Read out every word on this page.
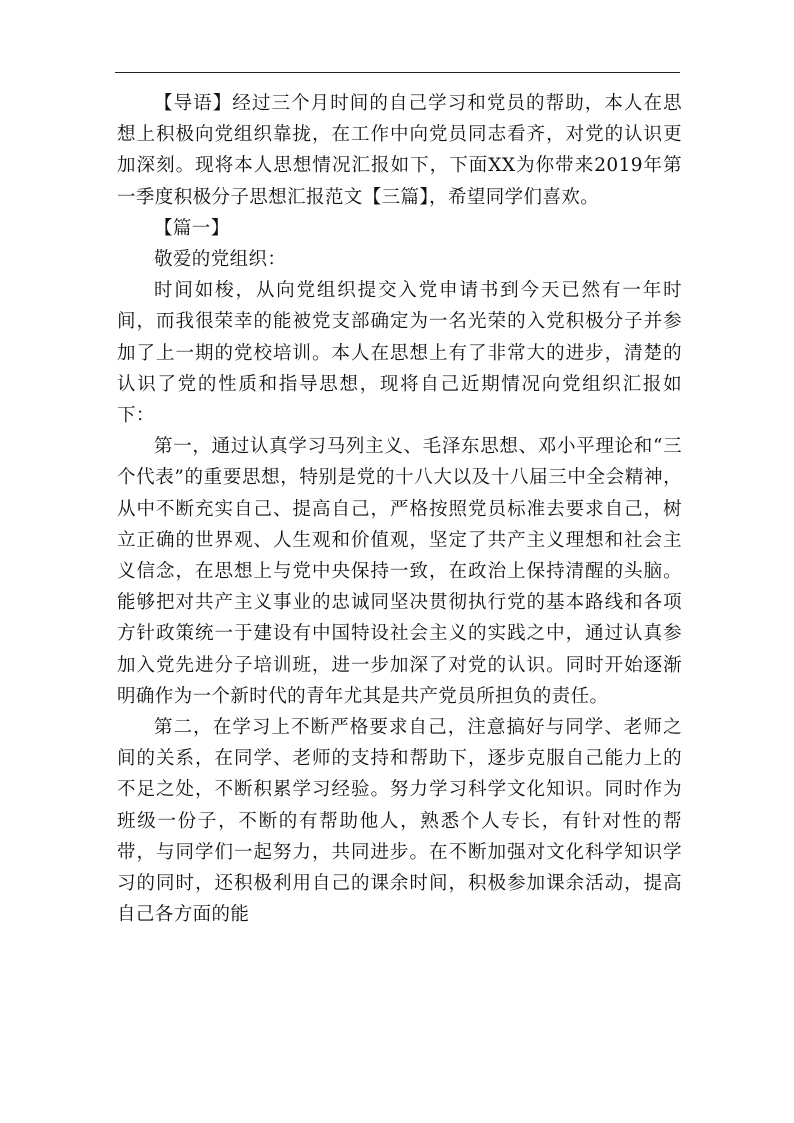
【导语】经过三个月时间的自己学习和党员的帮助，本人在思想上积极向党组织靠拢，在工作中向党员同志看齐，对党的认识更加深刻。现将本人思想情况汇报如下，下面XX为你带来2019年第一季度积极分子思想汇报范文【三篇】，希望同学们喜欢。

【篇一】

敬爱的党组织：

时间如梭，从向党组织提交入党申请书到今天已然有一年时间，而我很荣幸的能被党支部确定为一名光荣的入党积极分子并参加了上一期的党校培训。本人在思想上有了非常大的进步，清楚的认识了党的性质和指导思想，现将自己近期情况向党组织汇报如下：

第一，通过认真学习马列主义、毛泽东思想、邓小平理论和“三个代表”的重要思想，特别是党的十八大以及十八届三中全会精神，从中不断充实自己、提高自己，严格按照党员标准去要求自己，树立正确的世界观、人生观和价值观，坚定了共产主义理想和社会主义信念，在思想上与党中央保持一致，在政治上保持清醒的头脑。能够把对共产主义事业的忠诚同坚决贯彻执行党的基本路线和各项方针政策统一于建设有中国特设社会主义的实践之中，通过认真参加入党先进分子培训班，进一步加深了对党的认识。同时开始逐渐明确作为一个新时代的青年尤其是共产党员所担负的责任。

第二，在学习上不断严格要求自己，注意搞好与同学、老师之间的关系，在同学、老师的支持和帮助下，逐步克服自己能力上的不足之处，不断积累学习经验。努力学习科学文化知识。同时作为班级一份子，不断的有帮助他人，熟悉个人专长，有针对性的帮带，与同学们一起努力，共同进步。在不断加强对文化科学知识学习的同时，还积极利用自己的课余时间，积极参加课余活动，提高自己各方面的能
